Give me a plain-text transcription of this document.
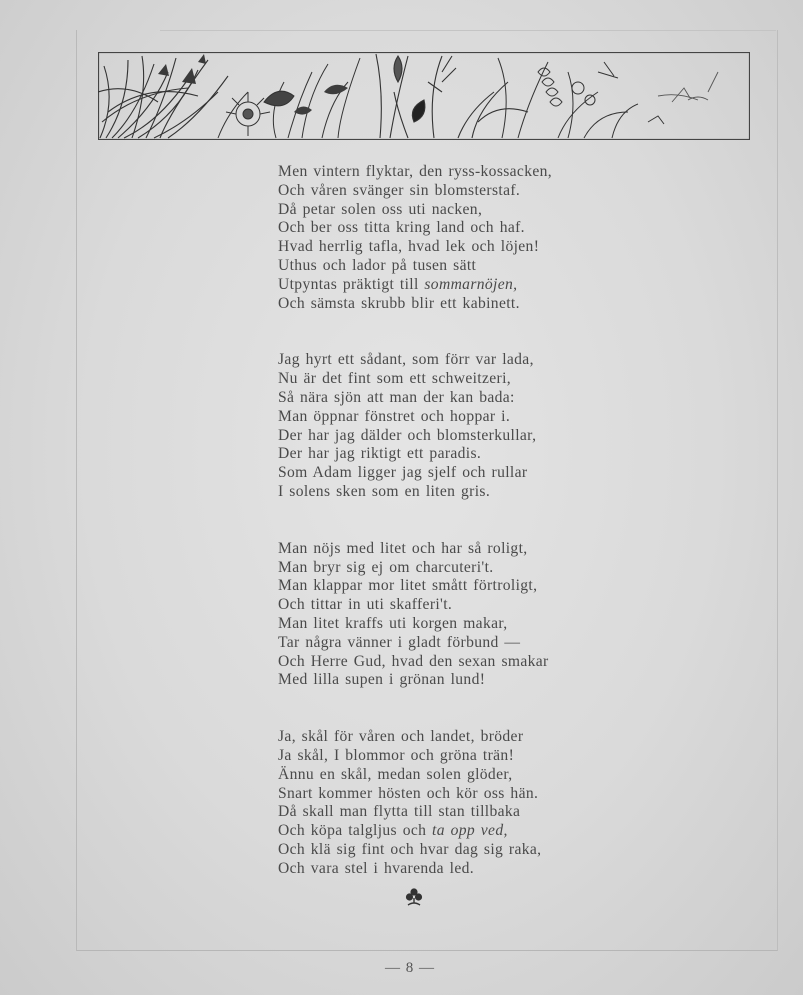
Men vintern flyktar, den ryss-kossacken,
Och våren svänger sin blomsterstaf.
Då petar solen oss uti nacken,
Och ber oss titta kring land och haf.
Hvad herrlig tafla, hvad lek och löjen!
Uthus och lador på tusen sätt
Utpyntas präktigt till sommarnöjen,
Och sämsta skrubb blir ett kabinett.
Jag hyrt ett sådant, som förr var lada,
Nu är det fint som ett schweitzeri,
Så nära sjön att man der kan bada:
Man öppnar fönstret och hoppar i.
Der har jag dälder och blomsterkullar,
Der har jag riktigt ett paradis.
Som Adam ligger jag sjelf och rullar
I solens sken som en liten gris.
Man nöjs med litet och har så roligt,
Man bryr sig ej om charcuteri't.
Man klappar mor litet smått förtroligt,
Och tittar in uti skafferi't.
Man litet kraffs uti korgen makar,
Tar några vänner i gladt förbund —
Och Herre Gud, hvad den sexan smakar
Med lilla supen i grönan lund!
Ja, skål för våren och landet, bröder
Ja skål, I blommor och gröna trän!
Ännu en skål, medan solen glöder,
Snart kommer hösten och kör oss hän.
Då skall man flytta till stan tillbaka
Och köpa talgljus och ta opp ved,
Och klä sig fint och hvar dag sig raka,
Och vara stel i hvarenda led.
— 8 —
